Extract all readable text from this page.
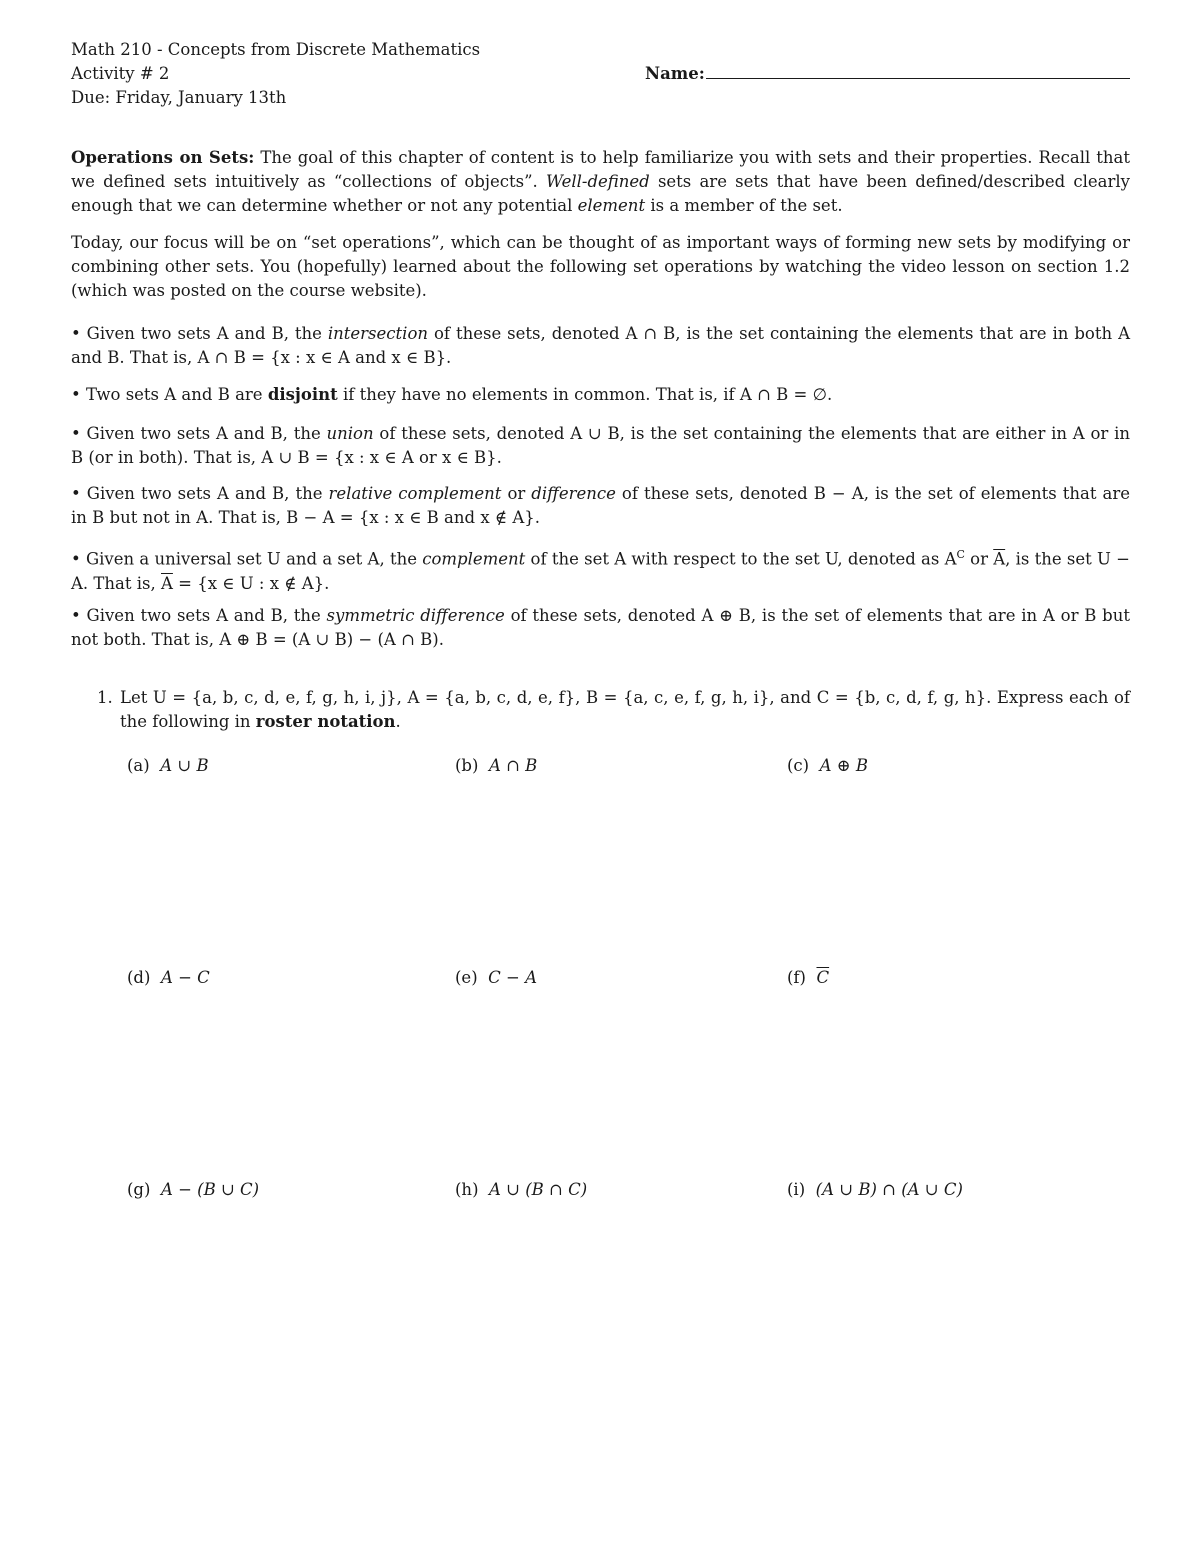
Math 210 - Concepts from Discrete Mathematics
Activity # 2
Due: Friday, January 13th
Name:
Operations on Sets: The goal of this chapter of content is to help familiarize you with sets and their properties. Recall that we defined sets intuitively as “collections of objects”. Well-defined sets are sets that have been defined/described clearly enough that we can determine whether or not any potential element is a member of the set.
Today, our focus will be on “set operations”, which can be thought of as important ways of forming new sets by modifying or combining other sets. You (hopefully) learned about the following set operations by watching the video lesson on section 1.2 (which was posted on the course website).
• Given two sets A and B, the intersection of these sets, denoted A ∩ B, is the set containing the elements that are in both A and B. That is, A ∩ B = {x : x ∈ A and x ∈ B}.
• Two sets A and B are disjoint if they have no elements in common. That is, if A ∩ B = ∅.
• Given two sets A and B, the union of these sets, denoted A ∪ B, is the set containing the elements that are either in A or in B (or in both). That is, A ∪ B = {x : x ∈ A or x ∈ B}.
• Given two sets A and B, the relative complement or difference of these sets, denoted B − A, is the set of elements that are in B but not in A. That is, B − A = {x : x ∈ B and x ∉ A}.
• Given a universal set U and a set A, the complement of the set A with respect to the set U, denoted as $A^C$ or $\overline{A}$, is the set U − A. That is, $\overline{A} = \{x$ ∈ U : x ∉ A}.
• Given two sets A and B, the symmetric difference of these sets, denoted A ⊕ B, is the set of elements that are in A or B but not both. That is, A ⊕ B = (A ∪ B) − (A ∩ B).
1. Let U = {a, b, c, d, e, f, g, h, i, j}, A = {a, b, c, d, e, f}, B = {a, c, e, f, g, h, i}, and C = {b, c, d, f, g, h}. Express each of the following in roster notation.
(a) A ∪ B	(b) A ∩ B	(c) A ⊕ B
(d) A − C	(e) C − A	(f) $\overline{C}$
(g) A − (B ∪ C)	(h) A ∪ (B ∩ C)	(i) (A ∪ B) ∩ (A ∪ C)
